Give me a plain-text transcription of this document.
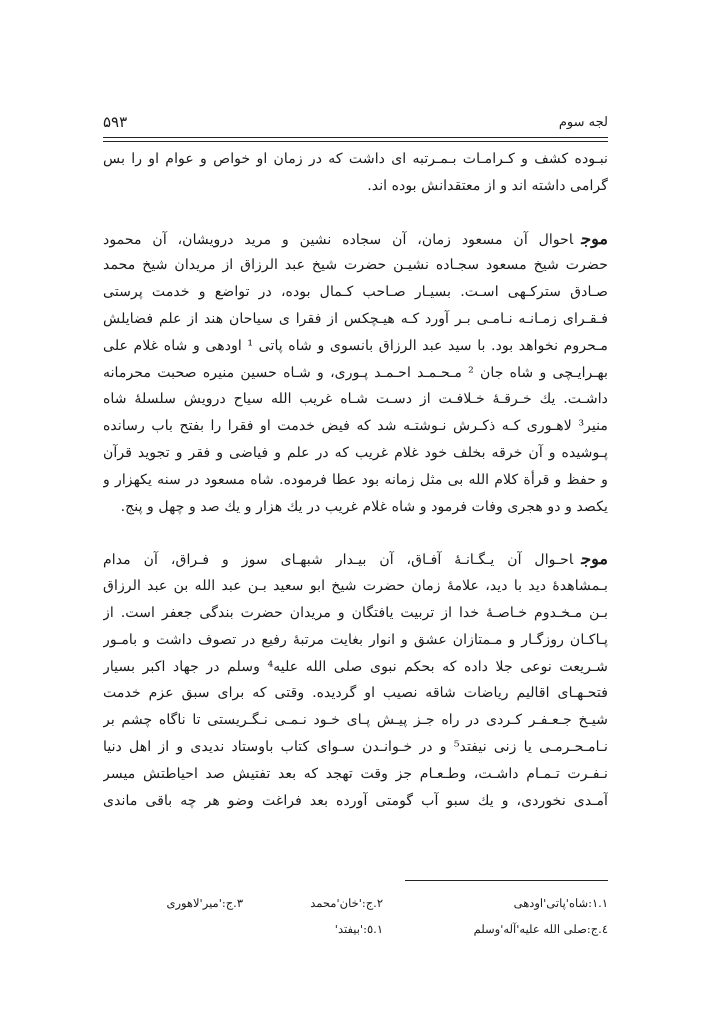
لجه سوم
۵۹۳
نبـوده کشف و کـرامـات بـمـرتبه ای داشت که در زمان او خواص و عوام او را بس
گرامی داشته اند و از معتقدانش بوده اند.
موجاحوال آن مسعود زمان، آن سجاده نشین و مرید درویشان، آن محمود
حضرت شیخ مسعود سجـاده نشیـن حضرت شیخ عبد الرزاق از مریدان شیخ محمد
صـادق سترکـهی اسـت. بسیـار صـاحب کـمال بوده، در تواضع و خدمت پرستی
فـقـرای زمـانـه نـامـی بـر آورد کـه هیـچکس از فقرا ی سیاحان هند از علم فضایلش
مـحروم نخواهد بود. با سید عبد الرزاق بانسوی و شاه پاتی ¹ اودهی و شاه غلام علی
بهـرایـچی و شاه جان ² مـحـمـد احـمـد پـوری، و شـاه حسین منیره صحبت محرمانه
داشـت. یك خـرقـهٔ خـلافـت از دسـت شـاه غریب الله سیاح درویش سلسلهٔ شاه
منیر³ لاهـوری کـه ذکـرش نـوشتـه شد که فیض خدمت او فقرا را بفتح باب رسانده
پـوشیده و آن خرقه بخلف خود غلام غریب که در علم و فیاضی و فقر و تجوید قرآن
و حفظ و قرأة کلام الله بی مثل زمانه بود عطا فرموده. شاه مسعود در سنه یکهزار و
یکصد و دو هجری وفات فرمود و شاه غلام غریب در یك هزار و یك صد و چهل و پنج.
موجاحـوال آن یـگـانـهٔ آفـاق، آن بیـدار شبهـای سوز و فـراق، آن مدام
بـمشاهدهٔ دید با دید، علامهٔ زمان حضرت شیخ ابو سعید بـن عبد الله بن عبد الرزاق
بـن مـخـدوم خـاصـهٔ خدا از تربیت یافتگان و مریدان حضرت بندگی جعفر است. از
پـاکـان روزگـار و مـمتازان عشق و انوار بغایت مرتبهٔ رفیع در تصوف داشت و بامـور
شـریعت نوعی جلا داده که بحکم نبوی صلی الله علیه⁴ وسلم در جهاد اکبر بسیار
فتحـهـای اقالیم ریاضات شاقه نصیب او گردیده. وقتی که برای سبق عزم خدمت
شیـخ جـعـفـر کـردی در راه جـز پیـش پـای خـود نـمـی نـگـریستی تا ناگاه چشم بر
نـامـحـرمـی یا زنی نیفتد⁵ و در خـوانـدن سـوای کتاب باوستاد ندیدی و از اهل دنیا
نـفـرت تـمـام داشـت، وطـعـام جز وقت تهجد که بعد تفتیش صد احیاطتش میسر
آمـدی نخوردی، و یك سبو آب گومتی آورده بعد فراغت وضو هر چه باقی ماندی
١.١:شاه'پاتی'اودهی
٢.ج:'خان'محمد
٣.ج:'میر'لاهوری
٤.ج:صلی الله علیه'آله'وسلم
٥.١:'بیفتد'
